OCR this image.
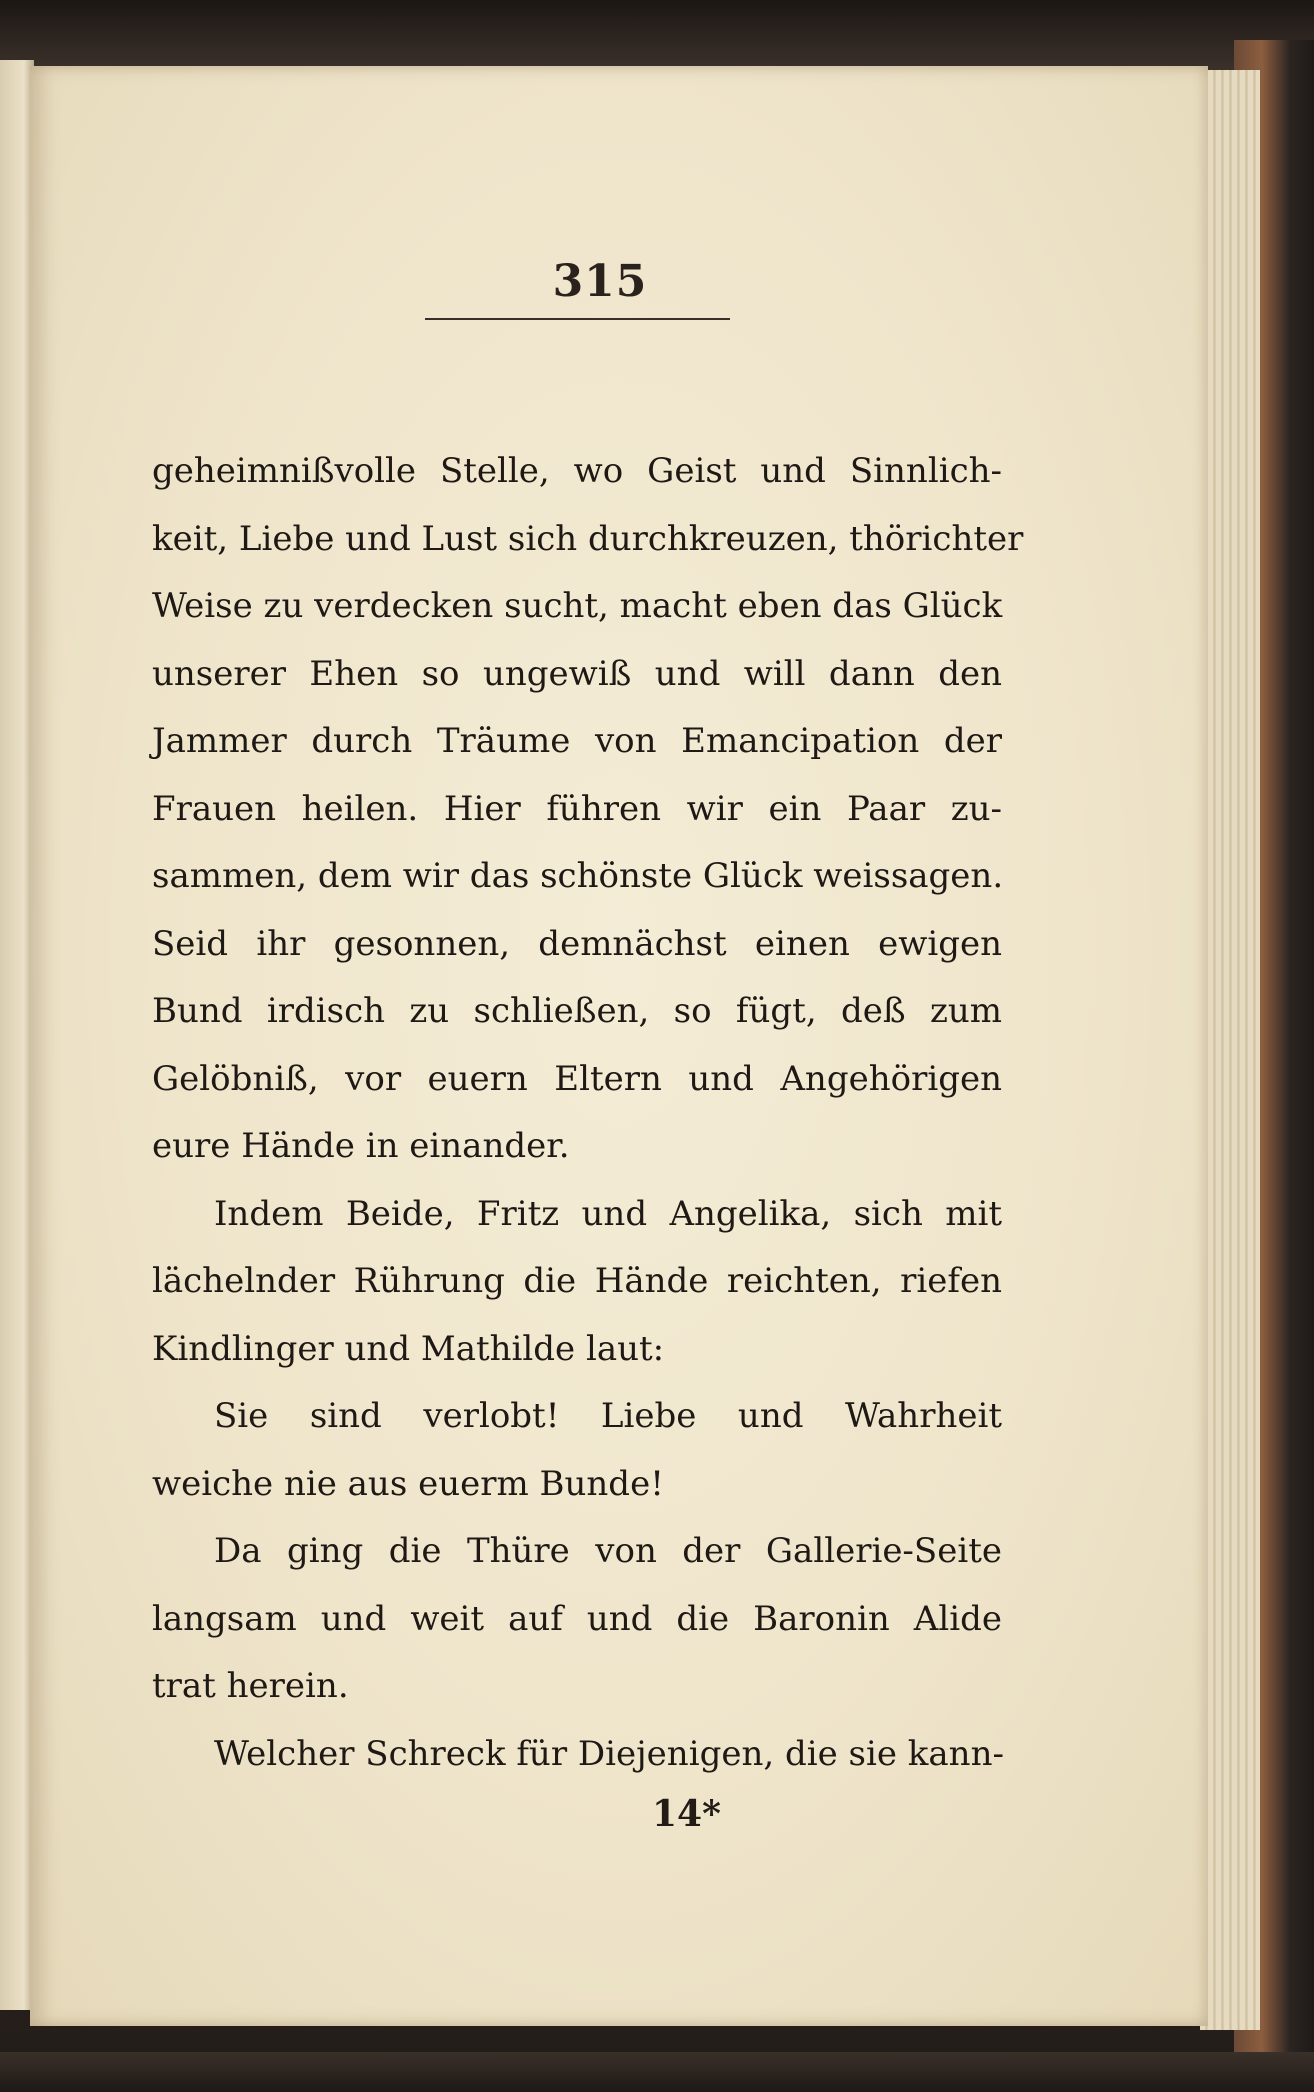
315
geheimnißvolle Stelle, wo Geist und Sinnlich-
keit, Liebe und Lust sich durchkreuzen, thörichter
Weise zu verdecken sucht, macht eben das Glück
unserer Ehen so ungewiß und will dann den
Jammer durch Träume von Emancipation der
Frauen heilen. Hier führen wir ein Paar zu-
sammen, dem wir das schönste Glück weissagen.
Seid ihr gesonnen, demnächst einen ewigen
Bund irdisch zu schließen, so fügt, deß zum
Gelöbniß, vor euern Eltern und Angehörigen
eure Hände in einander.
Indem Beide, Fritz und Angelika, sich mit
lächelnder Rührung die Hände reichten, riefen
Kindlinger und Mathilde laut:
Sie sind verlobt! Liebe und Wahrheit
weiche nie aus euerm Bunde!
Da ging die Thüre von der Gallerie-Seite
langsam und weit auf und die Baronin Alide
trat herein.
Welcher Schreck für Diejenigen, die sie kann-
14*
